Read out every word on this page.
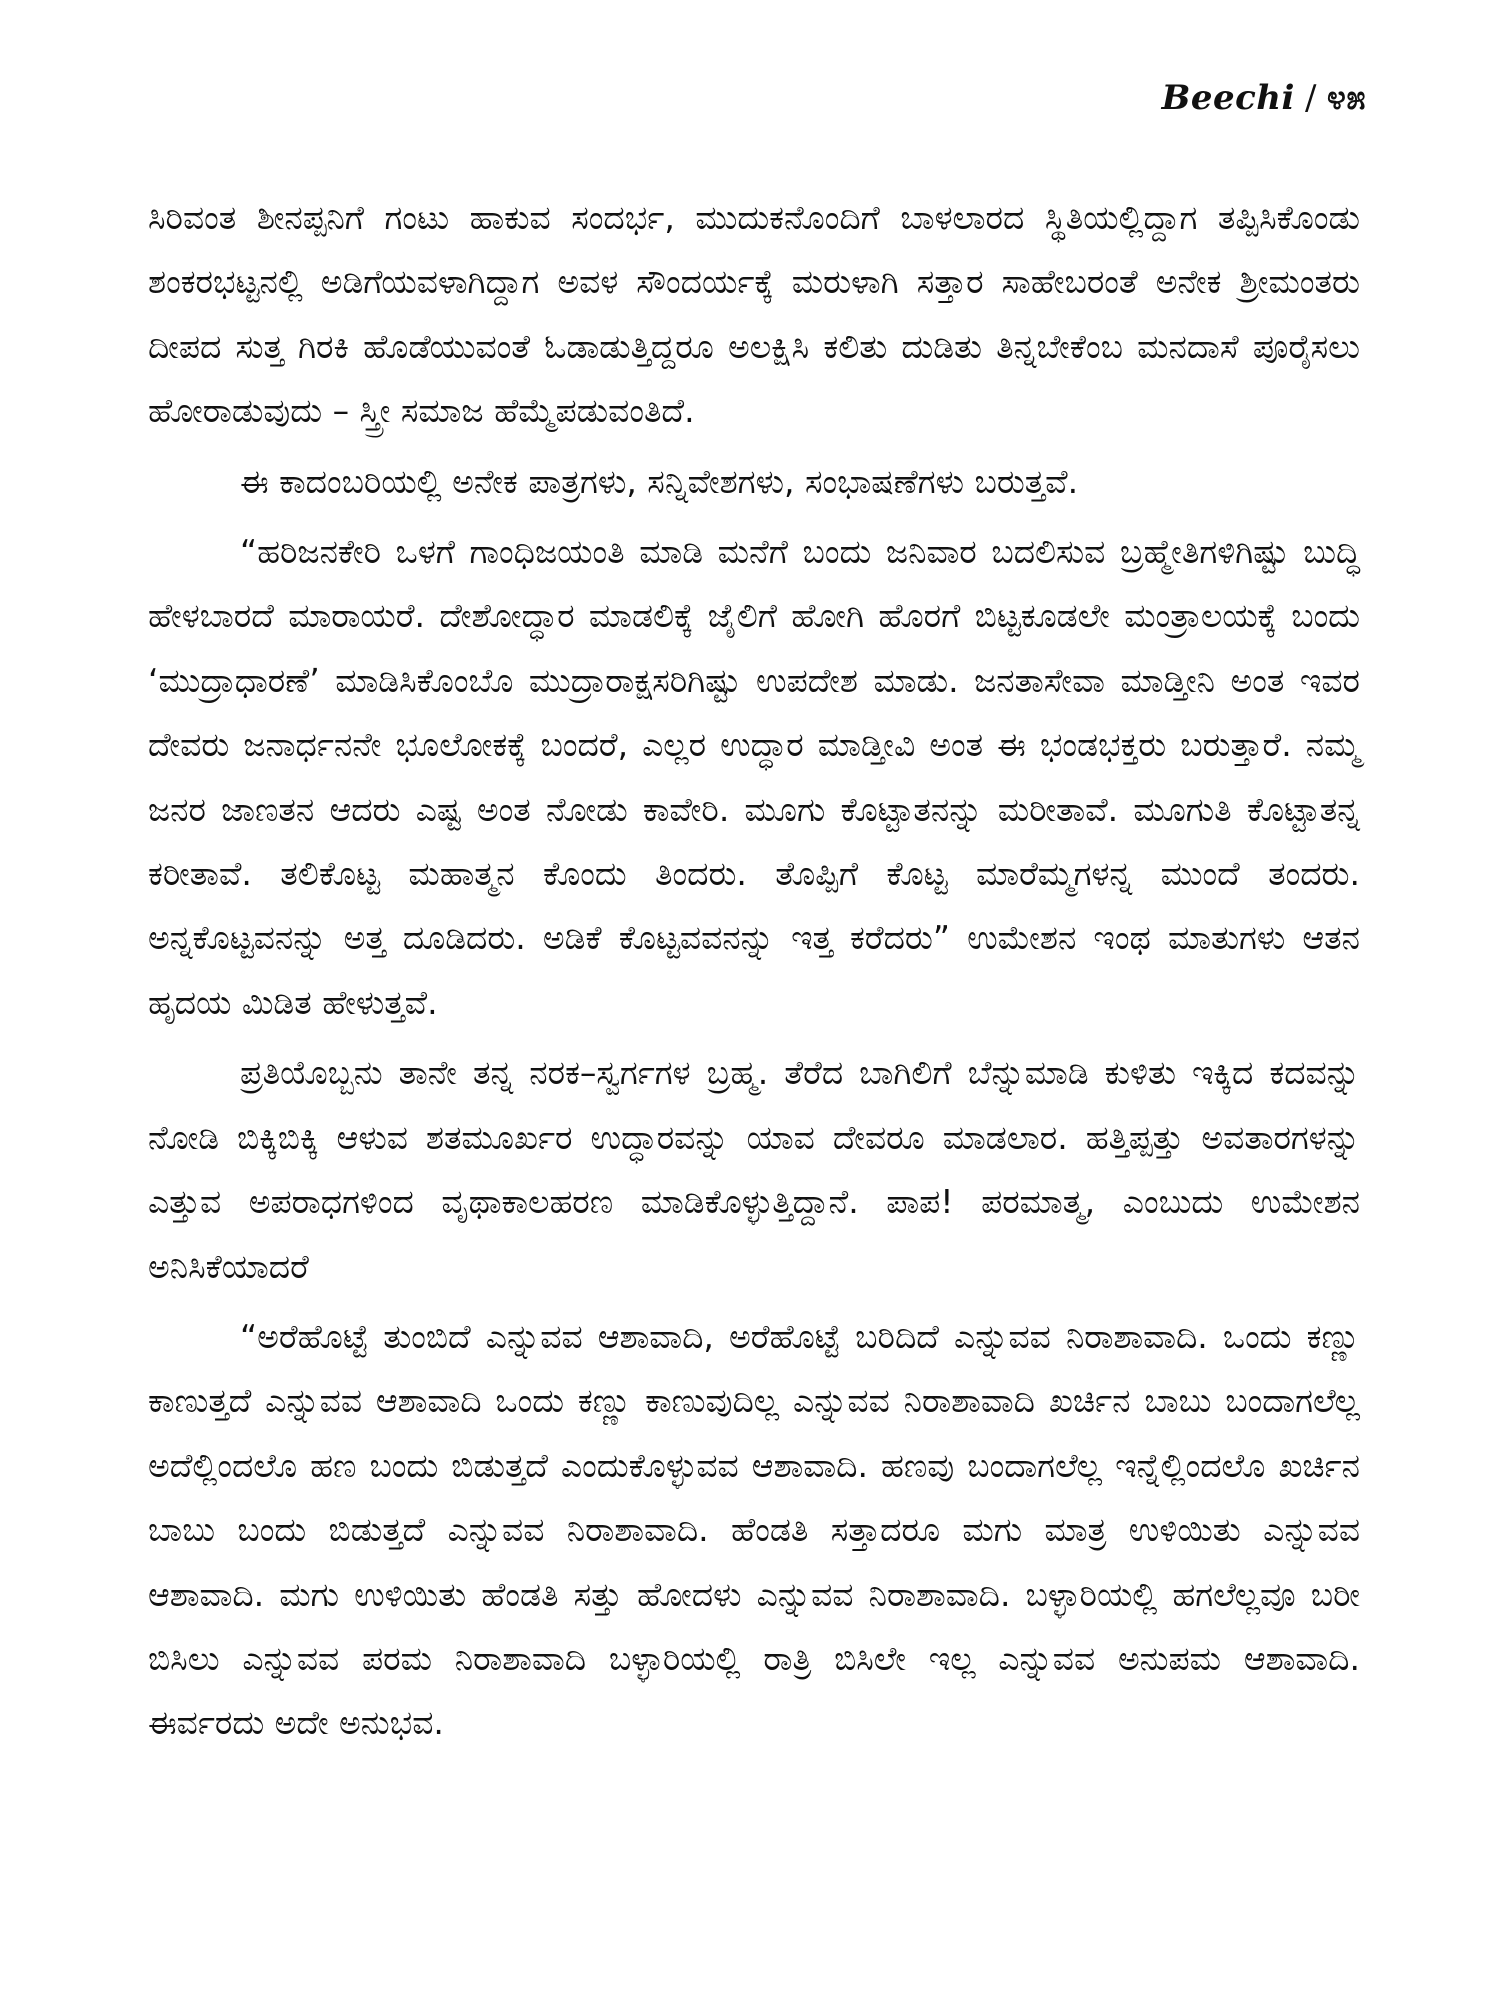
Beechi / ೪೫

ಸಿರಿವಂತ ಶೀನಪ್ಪನಿಗೆ ಗಂಟು ಹಾಕುವ ಸಂದರ್ಭ, ಮುದುಕನೊಂದಿಗೆ ಬಾಳಲಾರದ ಸ್ಥಿತಿಯಲ್ಲಿದ್ದಾಗ ತಪ್ಪಿಸಿಕೊಂಡು ಶಂಕರಭಟ್ಟನಲ್ಲಿ ಅಡಿಗೆಯವಳಾಗಿದ್ದಾಗ ಅವಳ ಸೌಂದರ್ಯಕ್ಕೆ ಮರುಳಾಗಿ ಸತ್ತಾರ ಸಾಹೇಬರಂತೆ ಅನೇಕ ಶ್ರೀಮಂತರು ದೀಪದ ಸುತ್ತ ಗಿರಕಿ ಹೊಡೆಯುವಂತೆ ಓಡಾಡುತ್ತಿದ್ದರೂ ಅಲಕ್ಷಿಸಿ ಕಲಿತು ದುಡಿತು ತಿನ್ನಬೇಕೆಂಬ ಮನದಾಸೆ ಪೂರೈಸಲು ಹೋರಾಡುವುದು – ಸ್ತ್ರೀ ಸಮಾಜ ಹೆಮ್ಮೆಪಡುವಂತಿದೆ.

ಈ ಕಾದಂಬರಿಯಲ್ಲಿ ಅನೇಕ ಪಾತ್ರಗಳು, ಸನ್ನಿವೇಶಗಳು, ಸಂಭಾಷಣೆಗಳು ಬರುತ್ತವೆ.

“ಹರಿಜನಕೇರಿ ಒಳಗೆ ಗಾಂಧಿಜಯಂತಿ ಮಾಡಿ ಮನೆಗೆ ಬಂದು ಜನಿವಾರ ಬದಲಿಸುವ ಬ್ರಹ್ಮೇತಿಗಳಿಗಿಷ್ಟು ಬುದ್ಧಿ ಹೇಳಬಾರದೆ ಮಾರಾಯರೆ. ದೇಶೋದ್ಧಾರ ಮಾಡಲಿಕ್ಕೆ ಜೈಲಿಗೆ ಹೋಗಿ ಹೊರಗೆ ಬಿಟ್ಟಕೂಡಲೇ ಮಂತ್ರಾಲಯಕ್ಕೆ ಬಂದು ‘ಮುದ್ರಾಧಾರಣೆ’ ಮಾಡಿಸಿಕೊಂಬೊ ಮುದ್ರಾರಾಕ್ಷಸರಿಗಿಷ್ಟು ಉಪದೇಶ ಮಾಡು. ಜನತಾಸೇವಾ ಮಾಡ್ತೀನಿ ಅಂತ ಇವರ ದೇವರು ಜನಾರ್ಧನನೇ ಭೂಲೋಕಕ್ಕೆ ಬಂದರೆ, ಎಲ್ಲರ ಉದ್ಧಾರ ಮಾಡ್ತೀವಿ ಅಂತ ಈ ಭಂಡಭಕ್ತರು ಬರುತ್ತಾರೆ. ನಮ್ಮ ಜನರ ಜಾಣತನ ಆದರು ಎಷ್ಟ ಅಂತ ನೋಡು ಕಾವೇರಿ. ಮೂಗು ಕೊಟ್ಟಾತನನ್ನು ಮರೀತಾವೆ. ಮೂಗುತಿ ಕೊಟ್ಟಾತನ್ನ ಕರೀತಾವೆ. ತಲಿಕೊಟ್ಟ ಮಹಾತ್ಮನ ಕೊಂದು ತಿಂದರು. ತೊಪ್ಪಿಗೆ ಕೊಟ್ಟ ಮಾರೆಮ್ಮಗಳನ್ನ ಮುಂದೆ ತಂದರು. ಅನ್ನಕೊಟ್ಟವನನ್ನು ಅತ್ತ ದೂಡಿದರು. ಅಡಿಕೆ ಕೊಟ್ಟವವನನ್ನು ಇತ್ತ ಕರೆದರು” ಉಮೇಶನ ಇಂಥ ಮಾತುಗಳು ಆತನ ಹೃದಯ ಮಿಡಿತ ಹೇಳುತ್ತವೆ.

ಪ್ರತಿಯೊಬ್ಬನು ತಾನೇ ತನ್ನ ನರಕ–ಸ್ವರ್ಗಗಳ ಬ್ರಹ್ಮ. ತೆರೆದ ಬಾಗಿಲಿಗೆ ಬೆನ್ನುಮಾಡಿ ಕುಳಿತು ಇಕ್ಕಿದ ಕದವನ್ನು ನೋಡಿ ಬಿಕ್ಕಿಬಿಕ್ಕಿ ಆಳುವ ಶತಮೂರ್ಖರ ಉದ್ಧಾರವನ್ನು ಯಾವ ದೇವರೂ ಮಾಡಲಾರ. ಹತ್ತಿಪ್ಪತ್ತು ಅವತಾರಗಳನ್ನು ಎತ್ತುವ ಅಪರಾಧಗಳಿಂದ ವೃಥಾಕಾಲಹರಣ ಮಾಡಿಕೊಳ್ಳುತ್ತಿದ್ದಾನೆ. ಪಾಪ! ಪರಮಾತ್ಮ, ಎಂಬುದು ಉಮೇಶನ ಅನಿಸಿಕೆಯಾದರೆ

“ಅರೆಹೊಟ್ಟೆ ತುಂಬಿದೆ ಎನ್ನುವವ ಆಶಾವಾದಿ, ಅರೆಹೊಟ್ಟೆ ಬರಿದಿದೆ ಎನ್ನುವವ ನಿರಾಶಾವಾದಿ. ಒಂದು ಕಣ್ಣು ಕಾಣುತ್ತದೆ ಎನ್ನುವವ ಆಶಾವಾದಿ ಒಂದು ಕಣ್ಣು ಕಾಣುವುದಿಲ್ಲ ಎನ್ನುವವ ನಿರಾಶಾವಾದಿ ಖರ್ಚಿನ ಬಾಬು ಬಂದಾಗಲೆಲ್ಲ ಅದೆಲ್ಲಿಂದಲೊ ಹಣ ಬಂದು ಬಿಡುತ್ತದೆ ಎಂದುಕೊಳ್ಳುವವ ಆಶಾವಾದಿ. ಹಣವು ಬಂದಾಗಲೆಲ್ಲ ಇನ್ನೆಲ್ಲಿಂದಲೊ ಖರ್ಚಿನ ಬಾಬು ಬಂದು ಬಿಡುತ್ತದೆ ಎನ್ನುವವ ನಿರಾಶಾವಾದಿ. ಹೆಂಡತಿ ಸತ್ತಾದರೂ ಮಗು ಮಾತ್ರ ಉಳಿಯಿತು ಎನ್ನುವವ ಆಶಾವಾದಿ. ಮಗು ಉಳಿಯಿತು ಹೆಂಡತಿ ಸತ್ತು ಹೋದಳು ಎನ್ನುವವ ನಿರಾಶಾವಾದಿ. ಬಳ್ಳಾರಿಯಲ್ಲಿ ಹಗಲೆಲ್ಲವೂ ಬರೀ ಬಿಸಿಲು ಎನ್ನುವವ ಪರಮ ನಿರಾಶಾವಾದಿ ಬಳ್ಳಾರಿಯಲ್ಲಿ ರಾತ್ರಿ ಬಿಸಿಲೇ ಇಲ್ಲ ಎನ್ನುವವ ಅನುಪಮ ಆಶಾವಾದಿ. ಈರ್ವರದು ಅದೇ ಅನುಭವ.
